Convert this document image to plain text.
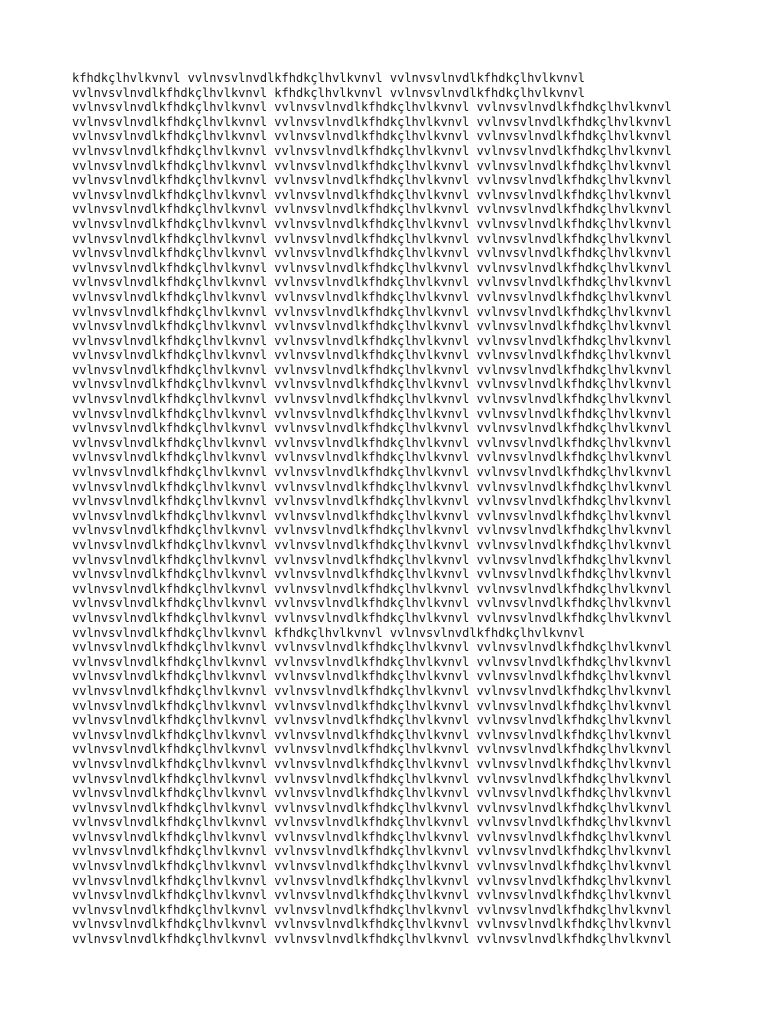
kfhdkçlhvlkvnvl vvlnvsvlnvdlkfhdkçlhvlkvnvl vvlnvsvlnvdlkfhdkçlhvlkvnvl
vvlnvsvlnvdlkfhdkçlhvlkvnvl kfhdkçlhvlkvnvl vvlnvsvlnvdlkfhdkçlhvlkvnvl
vvlnvsvlnvdlkfhdkçlhvlkvnvl vvlnvsvlnvdlkfhdkçlhvlkvnvl vvlnvsvlnvdlkfhdkçlhvlkvnvl
vvlnvsvlnvdlkfhdkçlhvlkvnvl vvlnvsvlnvdlkfhdkçlhvlkvnvl vvlnvsvlnvdlkfhdkçlhvlkvnvl
vvlnvsvlnvdlkfhdkçlhvlkvnvl vvlnvsvlnvdlkfhdkçlhvlkvnvl vvlnvsvlnvdlkfhdkçlhvlkvnvl
vvlnvsvlnvdlkfhdkçlhvlkvnvl vvlnvsvlnvdlkfhdkçlhvlkvnvl vvlnvsvlnvdlkfhdkçlhvlkvnvl
vvlnvsvlnvdlkfhdkçlhvlkvnvl vvlnvsvlnvdlkfhdkçlhvlkvnvl vvlnvsvlnvdlkfhdkçlhvlkvnvl
vvlnvsvlnvdlkfhdkçlhvlkvnvl vvlnvsvlnvdlkfhdkçlhvlkvnvl vvlnvsvlnvdlkfhdkçlhvlkvnvl
vvlnvsvlnvdlkfhdkçlhvlkvnvl vvlnvsvlnvdlkfhdkçlhvlkvnvl vvlnvsvlnvdlkfhdkçlhvlkvnvl
vvlnvsvlnvdlkfhdkçlhvlkvnvl vvlnvsvlnvdlkfhdkçlhvlkvnvl vvlnvsvlnvdlkfhdkçlhvlkvnvl
vvlnvsvlnvdlkfhdkçlhvlkvnvl vvlnvsvlnvdlkfhdkçlhvlkvnvl vvlnvsvlnvdlkfhdkçlhvlkvnvl
vvlnvsvlnvdlkfhdkçlhvlkvnvl vvlnvsvlnvdlkfhdkçlhvlkvnvl vvlnvsvlnvdlkfhdkçlhvlkvnvl
vvlnvsvlnvdlkfhdkçlhvlkvnvl vvlnvsvlnvdlkfhdkçlhvlkvnvl vvlnvsvlnvdlkfhdkçlhvlkvnvl
vvlnvsvlnvdlkfhdkçlhvlkvnvl vvlnvsvlnvdlkfhdkçlhvlkvnvl vvlnvsvlnvdlkfhdkçlhvlkvnvl
vvlnvsvlnvdlkfhdkçlhvlkvnvl vvlnvsvlnvdlkfhdkçlhvlkvnvl vvlnvsvlnvdlkfhdkçlhvlkvnvl
vvlnvsvlnvdlkfhdkçlhvlkvnvl vvlnvsvlnvdlkfhdkçlhvlkvnvl vvlnvsvlnvdlkfhdkçlhvlkvnvl
vvlnvsvlnvdlkfhdkçlhvlkvnvl vvlnvsvlnvdlkfhdkçlhvlkvnvl vvlnvsvlnvdlkfhdkçlhvlkvnvl
vvlnvsvlnvdlkfhdkçlhvlkvnvl vvlnvsvlnvdlkfhdkçlhvlkvnvl vvlnvsvlnvdlkfhdkçlhvlkvnvl
vvlnvsvlnvdlkfhdkçlhvlkvnvl vvlnvsvlnvdlkfhdkçlhvlkvnvl vvlnvsvlnvdlkfhdkçlhvlkvnvl
vvlnvsvlnvdlkfhdkçlhvlkvnvl vvlnvsvlnvdlkfhdkçlhvlkvnvl vvlnvsvlnvdlkfhdkçlhvlkvnvl
vvlnvsvlnvdlkfhdkçlhvlkvnvl vvlnvsvlnvdlkfhdkçlhvlkvnvl vvlnvsvlnvdlkfhdkçlhvlkvnvl
vvlnvsvlnvdlkfhdkçlhvlkvnvl vvlnvsvlnvdlkfhdkçlhvlkvnvl vvlnvsvlnvdlkfhdkçlhvlkvnvl
vvlnvsvlnvdlkfhdkçlhvlkvnvl vvlnvsvlnvdlkfhdkçlhvlkvnvl vvlnvsvlnvdlkfhdkçlhvlkvnvl
vvlnvsvlnvdlkfhdkçlhvlkvnvl vvlnvsvlnvdlkfhdkçlhvlkvnvl vvlnvsvlnvdlkfhdkçlhvlkvnvl
vvlnvsvlnvdlkfhdkçlhvlkvnvl vvlnvsvlnvdlkfhdkçlhvlkvnvl vvlnvsvlnvdlkfhdkçlhvlkvnvl
vvlnvsvlnvdlkfhdkçlhvlkvnvl vvlnvsvlnvdlkfhdkçlhvlkvnvl vvlnvsvlnvdlkfhdkçlhvlkvnvl
vvlnvsvlnvdlkfhdkçlhvlkvnvl vvlnvsvlnvdlkfhdkçlhvlkvnvl vvlnvsvlnvdlkfhdkçlhvlkvnvl
vvlnvsvlnvdlkfhdkçlhvlkvnvl vvlnvsvlnvdlkfhdkçlhvlkvnvl vvlnvsvlnvdlkfhdkçlhvlkvnvl
vvlnvsvlnvdlkfhdkçlhvlkvnvl vvlnvsvlnvdlkfhdkçlhvlkvnvl vvlnvsvlnvdlkfhdkçlhvlkvnvl
vvlnvsvlnvdlkfhdkçlhvlkvnvl vvlnvsvlnvdlkfhdkçlhvlkvnvl vvlnvsvlnvdlkfhdkçlhvlkvnvl
vvlnvsvlnvdlkfhdkçlhvlkvnvl vvlnvsvlnvdlkfhdkçlhvlkvnvl vvlnvsvlnvdlkfhdkçlhvlkvnvl
vvlnvsvlnvdlkfhdkçlhvlkvnvl vvlnvsvlnvdlkfhdkçlhvlkvnvl vvlnvsvlnvdlkfhdkçlhvlkvnvl
vvlnvsvlnvdlkfhdkçlhvlkvnvl vvlnvsvlnvdlkfhdkçlhvlkvnvl vvlnvsvlnvdlkfhdkçlhvlkvnvl
vvlnvsvlnvdlkfhdkçlhvlkvnvl vvlnvsvlnvdlkfhdkçlhvlkvnvl vvlnvsvlnvdlkfhdkçlhvlkvnvl
vvlnvsvlnvdlkfhdkçlhvlkvnvl vvlnvsvlnvdlkfhdkçlhvlkvnvl vvlnvsvlnvdlkfhdkçlhvlkvnvl
vvlnvsvlnvdlkfhdkçlhvlkvnvl vvlnvsvlnvdlkfhdkçlhvlkvnvl vvlnvsvlnvdlkfhdkçlhvlkvnvl
vvlnvsvlnvdlkfhdkçlhvlkvnvl vvlnvsvlnvdlkfhdkçlhvlkvnvl vvlnvsvlnvdlkfhdkçlhvlkvnvl
vvlnvsvlnvdlkfhdkçlhvlkvnvl vvlnvsvlnvdlkfhdkçlhvlkvnvl vvlnvsvlnvdlkfhdkçlhvlkvnvl
vvlnvsvlnvdlkfhdkçlhvlkvnvl kfhdkçlhvlkvnvl vvlnvsvlnvdlkfhdkçlhvlkvnvl
vvlnvsvlnvdlkfhdkçlhvlkvnvl vvlnvsvlnvdlkfhdkçlhvlkvnvl vvlnvsvlnvdlkfhdkçlhvlkvnvl
vvlnvsvlnvdlkfhdkçlhvlkvnvl vvlnvsvlnvdlkfhdkçlhvlkvnvl vvlnvsvlnvdlkfhdkçlhvlkvnvl
vvlnvsvlnvdlkfhdkçlhvlkvnvl vvlnvsvlnvdlkfhdkçlhvlkvnvl vvlnvsvlnvdlkfhdkçlhvlkvnvl
vvlnvsvlnvdlkfhdkçlhvlkvnvl vvlnvsvlnvdlkfhdkçlhvlkvnvl vvlnvsvlnvdlkfhdkçlhvlkvnvl
vvlnvsvlnvdlkfhdkçlhvlkvnvl vvlnvsvlnvdlkfhdkçlhvlkvnvl vvlnvsvlnvdlkfhdkçlhvlkvnvl
vvlnvsvlnvdlkfhdkçlhvlkvnvl vvlnvsvlnvdlkfhdkçlhvlkvnvl vvlnvsvlnvdlkfhdkçlhvlkvnvl
vvlnvsvlnvdlkfhdkçlhvlkvnvl vvlnvsvlnvdlkfhdkçlhvlkvnvl vvlnvsvlnvdlkfhdkçlhvlkvnvl
vvlnvsvlnvdlkfhdkçlhvlkvnvl vvlnvsvlnvdlkfhdkçlhvlkvnvl vvlnvsvlnvdlkfhdkçlhvlkvnvl
vvlnvsvlnvdlkfhdkçlhvlkvnvl vvlnvsvlnvdlkfhdkçlhvlkvnvl vvlnvsvlnvdlkfhdkçlhvlkvnvl
vvlnvsvlnvdlkfhdkçlhvlkvnvl vvlnvsvlnvdlkfhdkçlhvlkvnvl vvlnvsvlnvdlkfhdkçlhvlkvnvl
vvlnvsvlnvdlkfhdkçlhvlkvnvl vvlnvsvlnvdlkfhdkçlhvlkvnvl vvlnvsvlnvdlkfhdkçlhvlkvnvl
vvlnvsvlnvdlkfhdkçlhvlkvnvl vvlnvsvlnvdlkfhdkçlhvlkvnvl vvlnvsvlnvdlkfhdkçlhvlkvnvl
vvlnvsvlnvdlkfhdkçlhvlkvnvl vvlnvsvlnvdlkfhdkçlhvlkvnvl vvlnvsvlnvdlkfhdkçlhvlkvnvl
vvlnvsvlnvdlkfhdkçlhvlkvnvl vvlnvsvlnvdlkfhdkçlhvlkvnvl vvlnvsvlnvdlkfhdkçlhvlkvnvl
vvlnvsvlnvdlkfhdkçlhvlkvnvl vvlnvsvlnvdlkfhdkçlhvlkvnvl vvlnvsvlnvdlkfhdkçlhvlkvnvl
vvlnvsvlnvdlkfhdkçlhvlkvnvl vvlnvsvlnvdlkfhdkçlhvlkvnvl vvlnvsvlnvdlkfhdkçlhvlkvnvl
vvlnvsvlnvdlkfhdkçlhvlkvnvl vvlnvsvlnvdlkfhdkçlhvlkvnvl vvlnvsvlnvdlkfhdkçlhvlkvnvl
vvlnvsvlnvdlkfhdkçlhvlkvnvl vvlnvsvlnvdlkfhdkçlhvlkvnvl vvlnvsvlnvdlkfhdkçlhvlkvnvl
vvlnvsvlnvdlkfhdkçlhvlkvnvl vvlnvsvlnvdlkfhdkçlhvlkvnvl vvlnvsvlnvdlkfhdkçlhvlkvnvl
vvlnvsvlnvdlkfhdkçlhvlkvnvl vvlnvsvlnvdlkfhdkçlhvlkvnvl vvlnvsvlnvdlkfhdkçlhvlkvnvl
vvlnvsvlnvdlkfhdkçlhvlkvnvl vvlnvsvlnvdlkfhdkçlhvlkvnvl vvlnvsvlnvdlkfhdkçlhvlkvnvl
